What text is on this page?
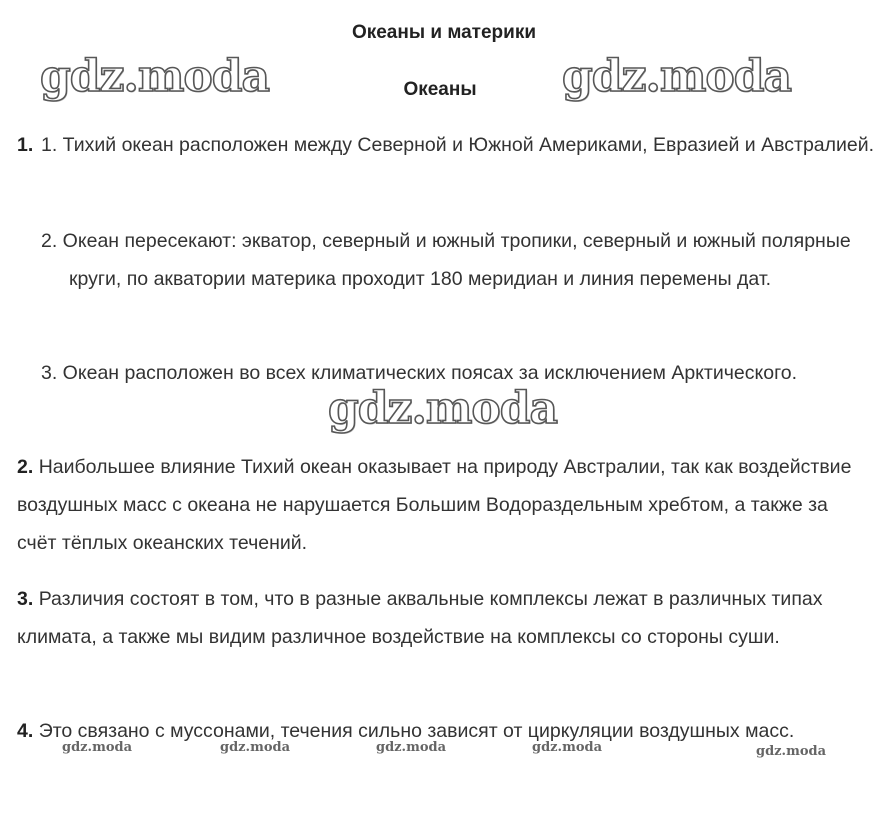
Океаны и материки
Океаны
1. 1. Тихий океан расположен между Северной и Южной Америками, Евразией и Австралией.
2. Океан пересекают: экватор, северный и южный тропики, северный и южный полярные круги, по акватории материка проходит 180 меридиан и линия перемены дат.
3. Океан расположен во всех климатических поясах за исключением Арктического.
2. Наибольшее влияние Тихий океан оказывает на природу Австралии, так как воздействие воздушных масс с океана не нарушается Большим Водораздельным хребтом, а также за счёт тёплых океанских течений.
3. Различия состоят в том, что в разные аквальные комплексы лежат в различных типах климата, а также мы видим различное воздействие на комплексы со стороны суши.
4. Это связано с муссонами, течения сильно зависят от циркуляции воздушных масс.
gdz.moda	gdz.moda
gdz.moda
gdz.moda	gdz.moda	gdz.moda	gdz.moda	gdz.moda
